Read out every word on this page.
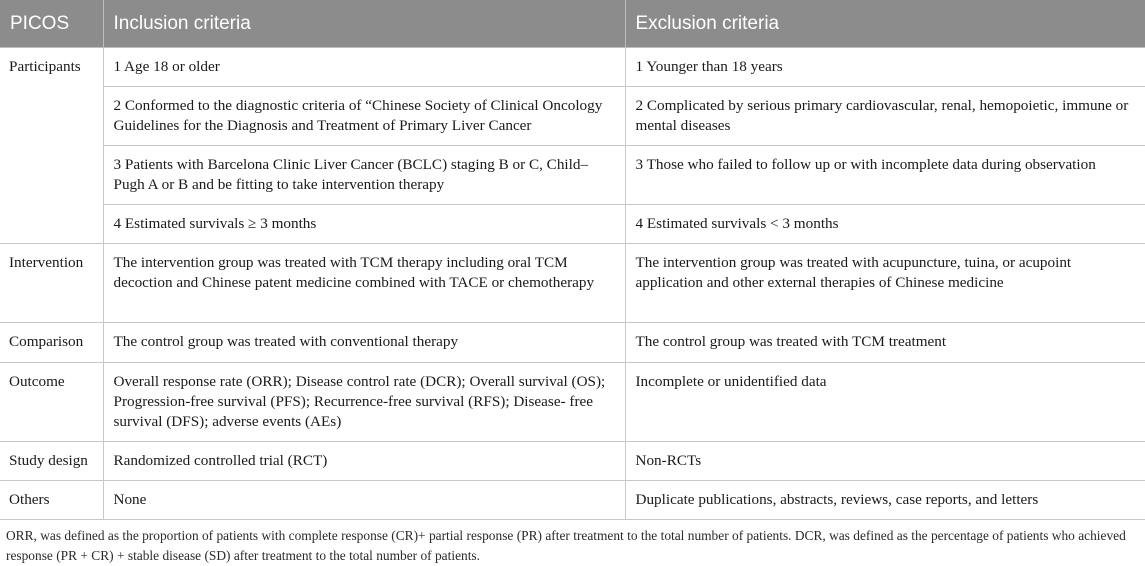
PICOS	Inclusion criteria	Exclusion criteria
Participants	1 Age 18 or older	1 Younger than 18 years
	2 Conformed to the diagnostic criteria of “Chinese Society of Clinical Oncology Guidelines for the Diagnosis and Treatment of Primary Liver Cancer	2 Complicated by serious primary cardiovascular, renal, hemopoietic, immune or mental diseases
	3 Patients with Barcelona Clinic Liver Cancer (BCLC) staging B or C, Child–Pugh A or B and be fitting to take intervention therapy	3 Those who failed to follow up or with incomplete data during observation
	4 Estimated survivals ≥ 3 months	4 Estimated survivals < 3 months
Intervention	The intervention group was treated with TCM therapy including oral TCM decoction and Chinese patent medicine combined with TACE or chemotherapy	The intervention group was treated with acupuncture, tuina, or acupoint application and other external therapies of Chinese medicine
Comparison	The control group was treated with conventional therapy	The control group was treated with TCM treatment
Outcome	Overall response rate (ORR); Disease control rate (DCR); Overall survival (OS); Progression-free survival (PFS); Recurrence-free survival (RFS); Disease- free survival (DFS); adverse events (AEs)	Incomplete or unidentified data
Study design	Randomized controlled trial (RCT)	Non-RCTs
Others	None	Duplicate publications, abstracts, reviews, case reports, and letters
ORR, was defined as the proportion of patients with complete response (CR)+ partial response (PR) after treatment to the total number of patients. DCR, was defined as the percentage of patients who achieved response (PR + CR) + stable disease (SD) after treatment to the total number of patients.
